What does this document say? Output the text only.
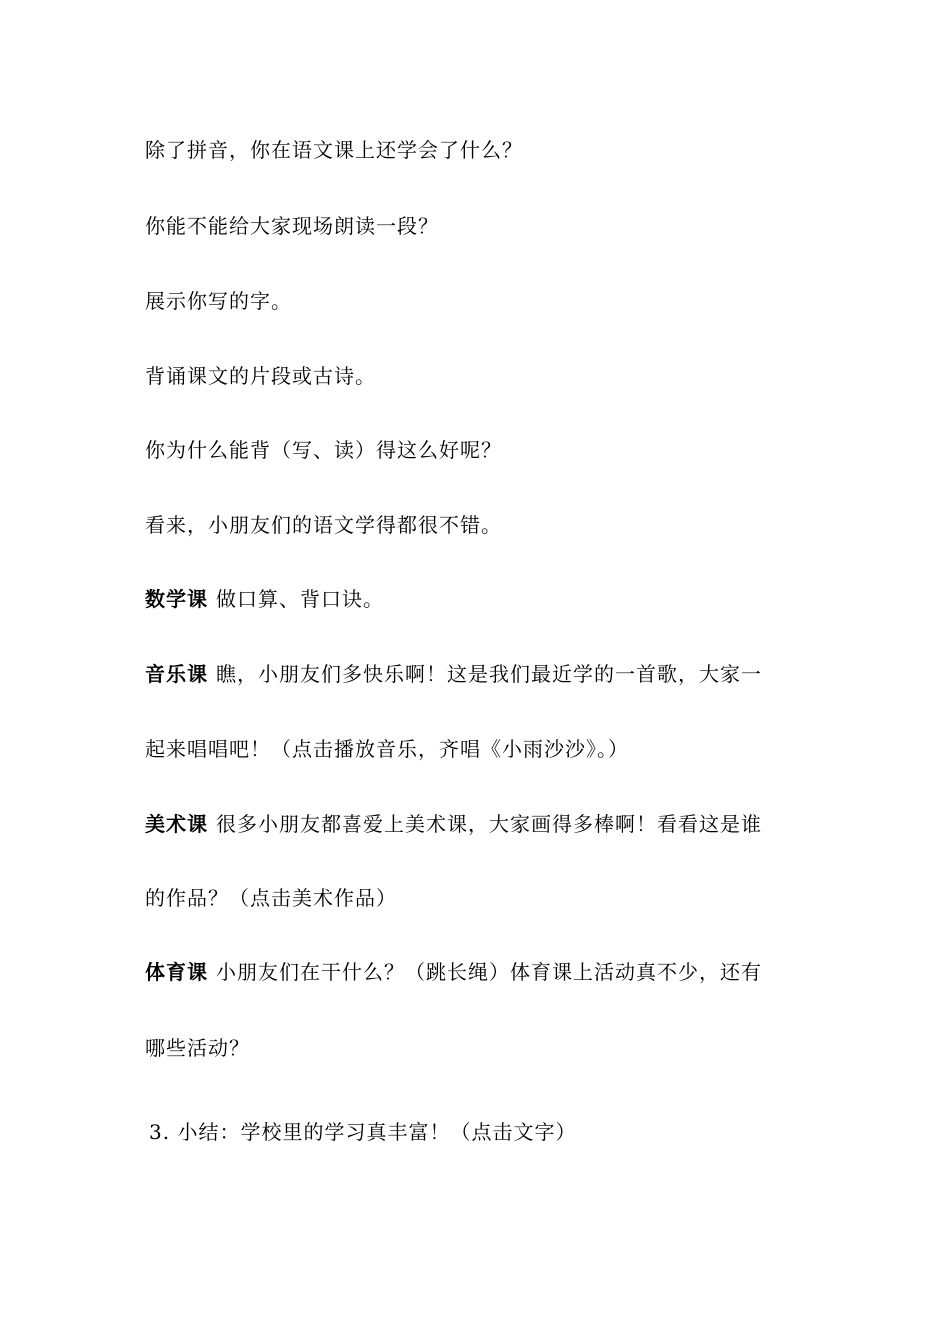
除了拼音，你在语文课上还学会了什么？
你能不能给大家现场朗读一段？
展示你写的字。
背诵课文的片段或古诗。
你为什么能背（写、读）得这么好呢？
看来，小朋友们的语文学得都很不错。
数学课 做口算、背口诀。
音乐课 瞧，小朋友们多快乐啊！这是我们最近学的一首歌，大家一
起来唱唱吧！（点击播放音乐，齐唱《小雨沙沙》。）
美术课 很多小朋友都喜爱上美术课，大家画得多棒啊！看看这是谁
的作品？（点击美术作品）
体育课 小朋友们在干什么？（跳长绳）体育课上活动真不少，还有
哪些活动？
3. 小结：学校里的学习真丰富！（点击文字）
